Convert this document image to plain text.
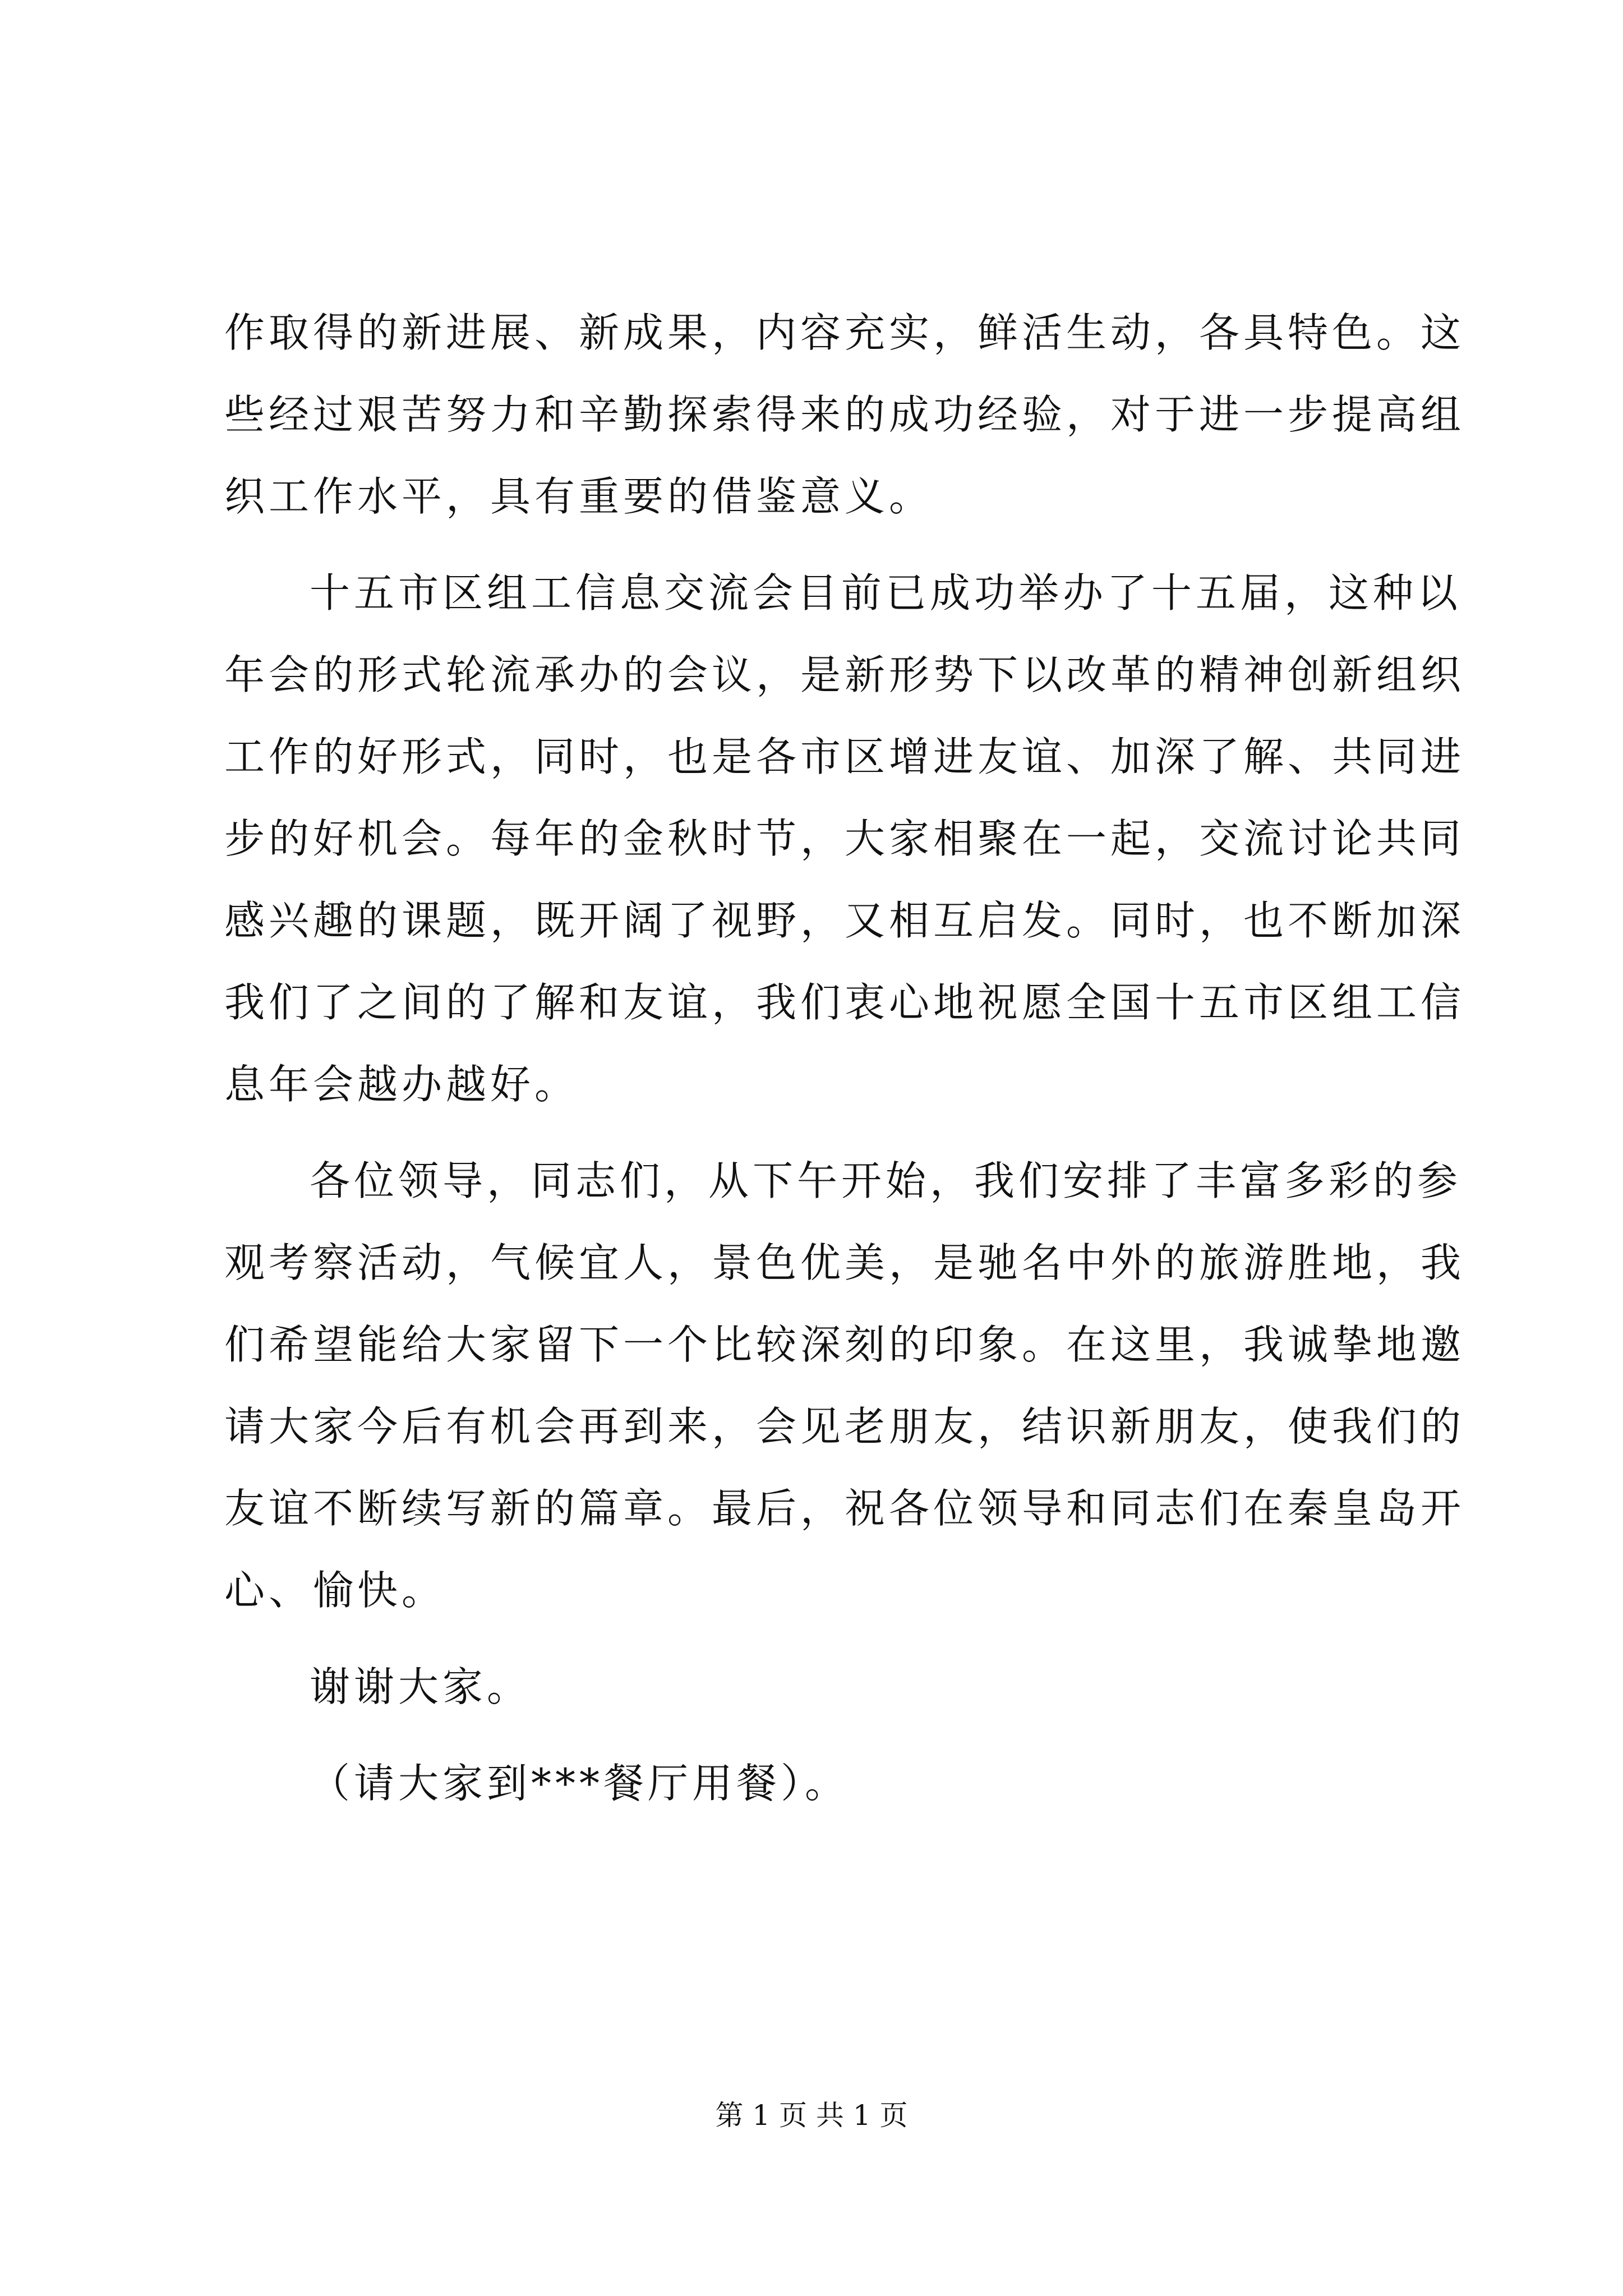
作取得的新进展、新成果，内容充实，鲜活生动，各具特色。这
些经过艰苦努力和辛勤探索得来的成功经验，对于进一步提高组
织工作水平，具有重要的借鉴意义。
十五市区组工信息交流会目前已成功举办了十五届，这种以
年会的形式轮流承办的会议，是新形势下以改革的精神创新组织
工作的好形式，同时，也是各市区增进友谊、加深了解、共同进
步的好机会。每年的金秋时节，大家相聚在一起，交流讨论共同
感兴趣的课题，既开阔了视野，又相互启发。同时，也不断加深
我们了之间的了解和友谊，我们衷心地祝愿全国十五市区组工信
息年会越办越好。
各位领导，同志们，从下午开始，我们安排了丰富多彩的参
观考察活动，气候宜人，景色优美，是驰名中外的旅游胜地，我
们希望能给大家留下一个比较深刻的印象。在这里，我诚挚地邀
请大家今后有机会再到来，会见老朋友，结识新朋友，使我们的
友谊不断续写新的篇章。最后，祝各位领导和同志们在秦皇岛开
心、愉快。
谢谢大家。
（请大家到***餐厅用餐）。
第 1 页 共 1 页
